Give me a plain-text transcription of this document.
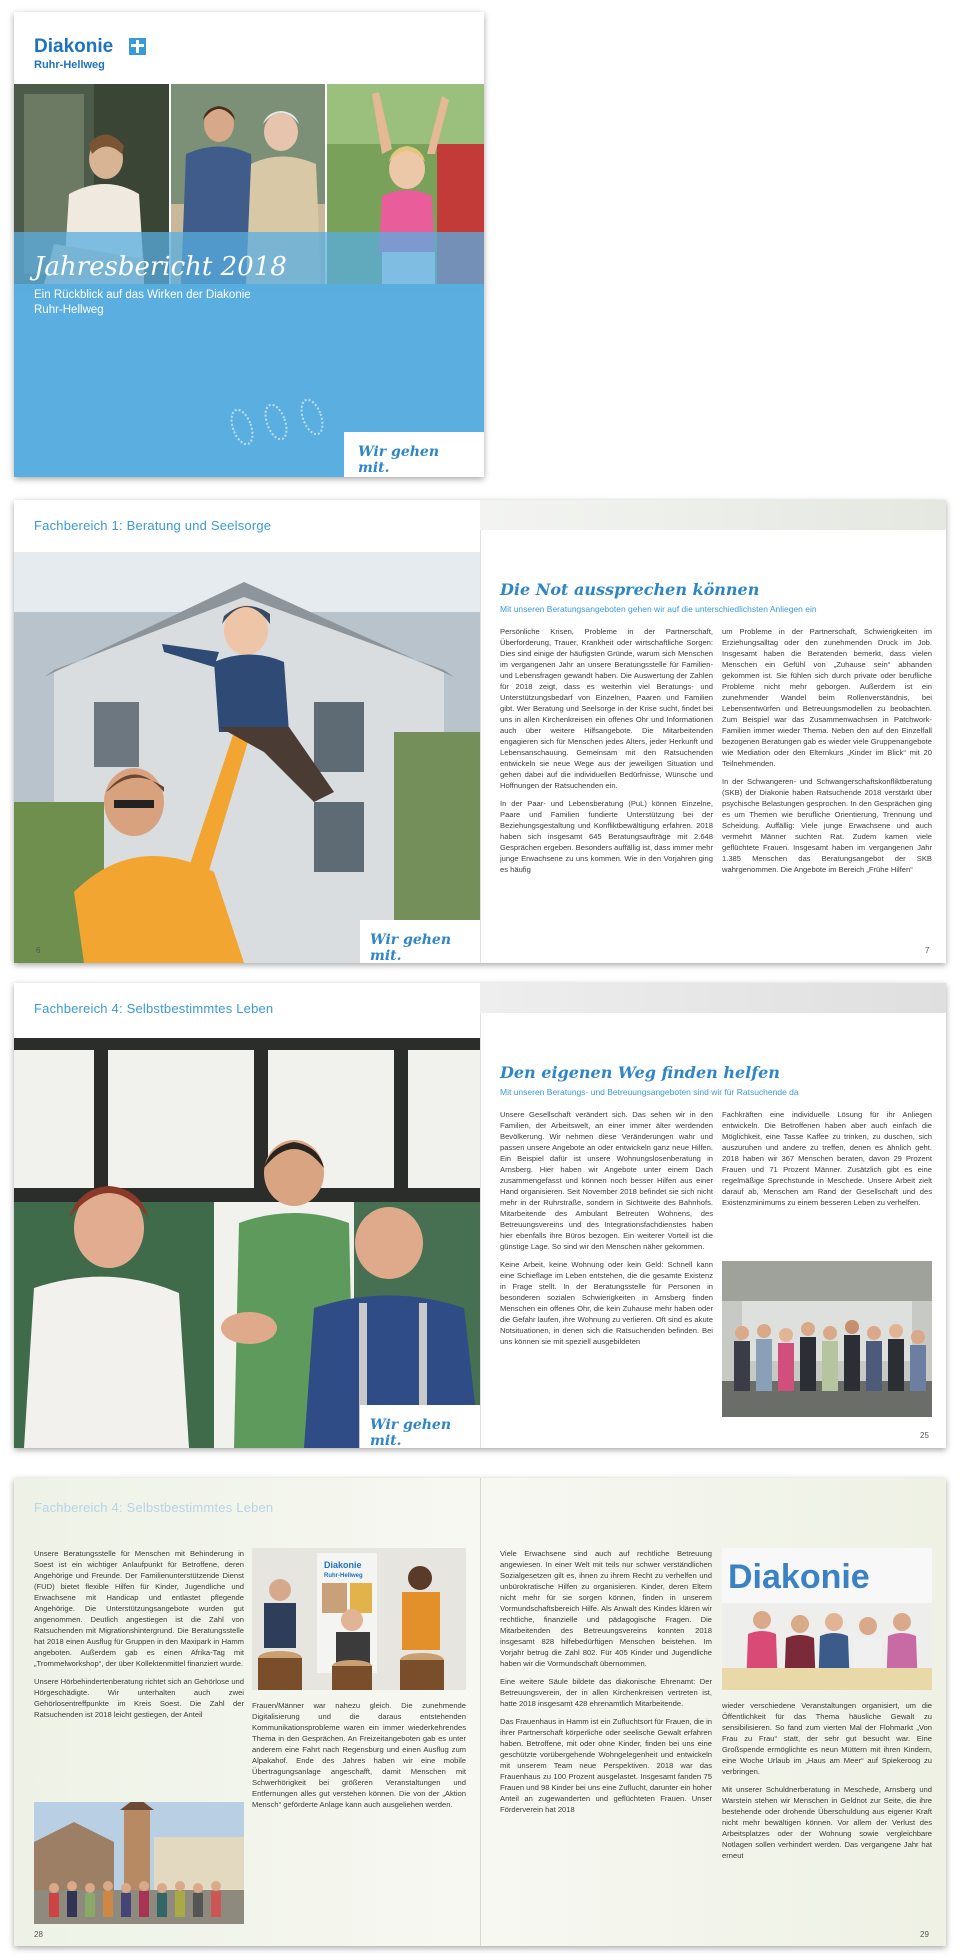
Diakonie
Ruhr-Hellweg
Jahresbericht 2018
Ein Rückblick auf das Wirken der Diakonie Ruhr-Hellweg
Wir gehen mit.
Fachbereich 1: Beratung und Seelsorge
Wir gehen mit.
6
Die Not aussprechen können
Mit unseren Beratungsangeboten gehen wir auf die unterschiedlichsten Anliegen ein

Persönliche Krisen, Probleme in der Partnerschaft, Überforderung, Trauer, Krankheit oder wirtschaftliche Sorgen: Dies sind einige der häufigsten Gründe, warum sich Menschen im vergangenen Jahr an unsere Beratungsstelle für Familien- und Lebensfragen gewandt haben. Die Auswertung der Zahlen für 2018 zeigt, dass es weiterhin viel Beratungs- und Unterstützungsbedarf von Einzelnen, Paaren und Familien gibt. Wer Beratung und Seelsorge in der Krise sucht, findet bei uns in allen Kirchenkreisen ein offenes Ohr und Informationen auch über weitere Hilfsangebote. Die Mitarbeitenden engagieren sich für Menschen jedes Alters, jeder Herkunft und Lebensanschauung. Gemeinsam mit den Ratsuchenden entwickeln sie neue Wege aus der jeweiligen Situation und gehen dabei auf die individuellen Bedürfnisse, Wünsche und Hoffnungen der Ratsuchenden ein.

In der Paar- und Lebensberatung (PuL) können Einzelne, Paare und Familien fundierte Unterstützung bei der Beziehungsgestaltung und Konfliktbewältigung erfahren. 2018 haben sich insgesamt 645 Beratungsaufträge mit 2.648 Gesprächen ergeben. Besonders auffällig ist, dass immer mehr junge Erwachsene zu uns kommen. Wie in den Vorjahren ging es häufig

um Probleme in der Partnerschaft, Schwierigkeiten im Erziehungsalltag oder den zunehmenden Druck im Job. Insgesamt haben die Beratenden bemerkt, dass vielen Menschen ein Gefühl von „Zuhause sein“ abhanden gekommen ist. Sie fühlen sich durch private oder berufliche Probleme nicht mehr geborgen. Außerdem ist ein zunehmender Wandel beim Rollenverständnis, bei Lebensentwürfen und Betreuungsmodellen zu beobachten. Zum Beispiel war das Zusammenwachsen in Patchwork-Familien immer wieder Thema. Neben den auf den Einzelfall bezogenen Beratungen gab es wieder viele Gruppenangebote wie Mediation oder den Elternkurs „Kinder im Blick“ mit 20 Teilnehmenden.

In der Schwangeren- und Schwangerschaftskonfliktberatung (SKB) der Diakonie haben Ratsuchende 2018 verstärkt über psychische Belastungen gesprochen. In den Gesprächen ging es um Themen wie berufliche Orientierung, Trennung und Scheidung. Auffällig: Viele junge Erwachsene und auch vermehrt Männer suchten Rat. Zudem kamen viele geflüchtete Frauen. Insgesamt haben im vergangenen Jahr 1.385 Menschen das Beratungsangebot der SKB wahrgenommen. Die Angebote im Bereich „Frühe Hilfen“

7
Fachbereich 4: Selbstbestimmtes Leben
Wir gehen mit.
Den eigenen Weg finden helfen
Mit unseren Beratungs- und Betreuungsangeboten sind wir für Ratsuchende da

Unsere Gesellschaft verändert sich. Das sehen wir in den Familien, der Arbeitswelt, an einer immer älter werdenden Bevölkerung. Wir nehmen diese Veränderungen wahr und passen unsere Angebote an oder entwickeln ganz neue Hilfen. Ein Beispiel dafür ist unsere Wohnungslosenberatung in Arnsberg. Hier haben wir Angebote unter einem Dach zusammengefasst und können noch besser Hilfen aus einer Hand organisieren. Seit November 2018 befindet sie sich nicht mehr in der Ruhrstraße, sondern in Sichtweite des Bahnhofs. Mitarbeitende des Ambulant Betreuten Wohnens, des Betreuungsvereins und des Integrationsfachdienstes haben hier ebenfalls ihre Büros bezogen. Ein weiterer Vorteil ist die günstige Lage. So sind wir den Menschen näher gekommen.

Keine Arbeit, keine Wohnung oder kein Geld: Schnell kann eine Schieflage im Leben entstehen, die die gesamte Existenz in Frage stellt. In der Beratungsstelle für Personen in besonderen sozialen Schwierigkeiten in Arnsberg finden Menschen ein offenes Ohr, die kein Zuhause mehr haben oder die Gefahr laufen, ihre Wohnung zu verlieren. Oft sind es akute Notsituationen, in denen sich die Ratsuchenden befinden. Bei uns können sie mit speziell ausgebildeten

Fachkräften eine individuelle Lösung für ihr Anliegen entwickeln. Die Betroffenen haben aber auch einfach die Möglichkeit, eine Tasse Kaffee zu trinken, zu duschen, sich auszuruhen und andere zu treffen, denen es ähnlich geht. 2018 haben wir 367 Menschen beraten, davon 29 Prozent Frauen und 71 Prozent Männer. Zusätzlich gibt es eine regelmäßige Sprechstunde in Meschede. Unsere Arbeit zielt darauf ab, Menschen am Rand der Gesellschaft und des Existenzminimums zu einem besseren Leben zu verhelfen.

25
Fachbereich 4: Selbstbestimmtes Leben

Unsere Beratungsstelle für Menschen mit Behinderung in Soest ist ein wichtiger Anlaufpunkt für Betroffene, deren Angehörige und Freunde. Der Familienunterstützende Dienst (FUD) bietet flexible Hilfen für Kinder, Jugendliche und Erwachsene mit Handicap und entlastet pflegende Angehörige. Die Unterstützungsangebote wurden gut angenommen. Deutlich angestiegen ist die Zahl von Ratsuchenden mit Migrationshintergrund. Die Beratungsstelle hat 2018 einen Ausflug für Gruppen in den Maxipark in Hamm angeboten. Außerdem gab es einen Afrika-Tag mit „Trommelworkshop“, der über Kollektenmittel finanziert wurde.

Unsere Hörbehindertenberatung richtet sich an Gehörlose und Hörgeschädigte. Wir unterhalten auch zwei Gehörlosentreffpunkte im Kreis Soest. Die Zahl der Ratsuchenden ist 2018 leicht gestiegen, der Anteil

Diakonie
Ruhr-Hellweg

Frauen/Männer war nahezu gleich. Die zunehmende Digitalisierung und die daraus entstehenden Kommunikationsprobleme waren ein immer wiederkehrendes Thema in den Gesprächen. An Freizeitangeboten gab es unter anderem eine Fahrt nach Regensburg und einen Ausflug zum Alpakahof. Ende des Jahres haben wir eine mobile Übertragungsanlage angeschafft, damit Menschen mit Schwerhörigkeit bei größeren Veranstaltungen und Entfernungen alles gut verstehen können. Die von der „Aktion Mensch“ geförderte Anlage kann auch ausgeliehen werden.

28

Viele Erwachsene sind auch auf rechtliche Betreuung angewiesen. In einer Welt mit teils nur schwer verständlichen Sozialgesetzen gilt es, ihnen zu ihrem Recht zu verhelfen und unbürokratische Hilfen zu organisieren. Kinder, deren Eltern nicht mehr für sie sorgen können, finden in unserem Vormundschaftsbereich Hilfe. Als Anwalt des Kindes klären wir rechtliche, finanzielle und pädagogische Fragen. Die Mitarbeitenden des Betreuungsvereins konnten 2018 insgesamt 828 hilfebedürftigen Menschen beistehen. Im Vorjahr betrug die Zahl 802. Für 405 Kinder und Jugendliche haben wir die Vormundschaft übernommen.

Eine weitere Säule bildete das diakonische Ehrenamt: Der Betreuungsverein, der in allen Kirchenkreisen vertreten ist, hatte 2018 insgesamt 428 ehrenamtlich Mitarbeitende.

Das Frauenhaus in Hamm ist ein Zufluchtsort für Frauen, die in ihrer Partnerschaft körperliche oder seelische Gewalt erfahren haben. Betroffene, mit oder ohne Kinder, finden bei uns eine geschützte vorübergehende Wohngelegenheit und entwickeln mit unserem Team neue Perspektiven. 2018 war das Frauenhaus zu 100 Prozent ausgelastet. Insgesamt fanden 75 Frauen und 98 Kinder bei uns eine Zuflucht, darunter ein hoher Anteil an zugewanderten und geflüchteten Frauen. Unser Förderverein hat 2018

Diakonie

wieder verschiedene Veranstaltungen organisiert, um die Öffentlichkeit für das Thema häusliche Gewalt zu sensibilisieren. So fand zum vierten Mal der Flohmarkt „Von Frau zu Frau“ statt, der sehr gut besucht war. Eine Großspende ermöglichte es neun Müttern mit ihren Kindern, eine Woche Urlaub im „Haus am Meer“ auf Spiekeroog zu verbringen.

Mit unserer Schuldnerberatung in Meschede, Arnsberg und Warstein stehen wir Menschen in Geldnot zur Seite, die ihre bestehende oder drohende Überschuldung aus eigener Kraft nicht mehr bewältigen können. Vor allem der Verlust des Arbeitsplatzes oder der Wohnung sowie vergleichbare Notlagen sollen verhindert werden. Das vergangene Jahr hat erneut

29
